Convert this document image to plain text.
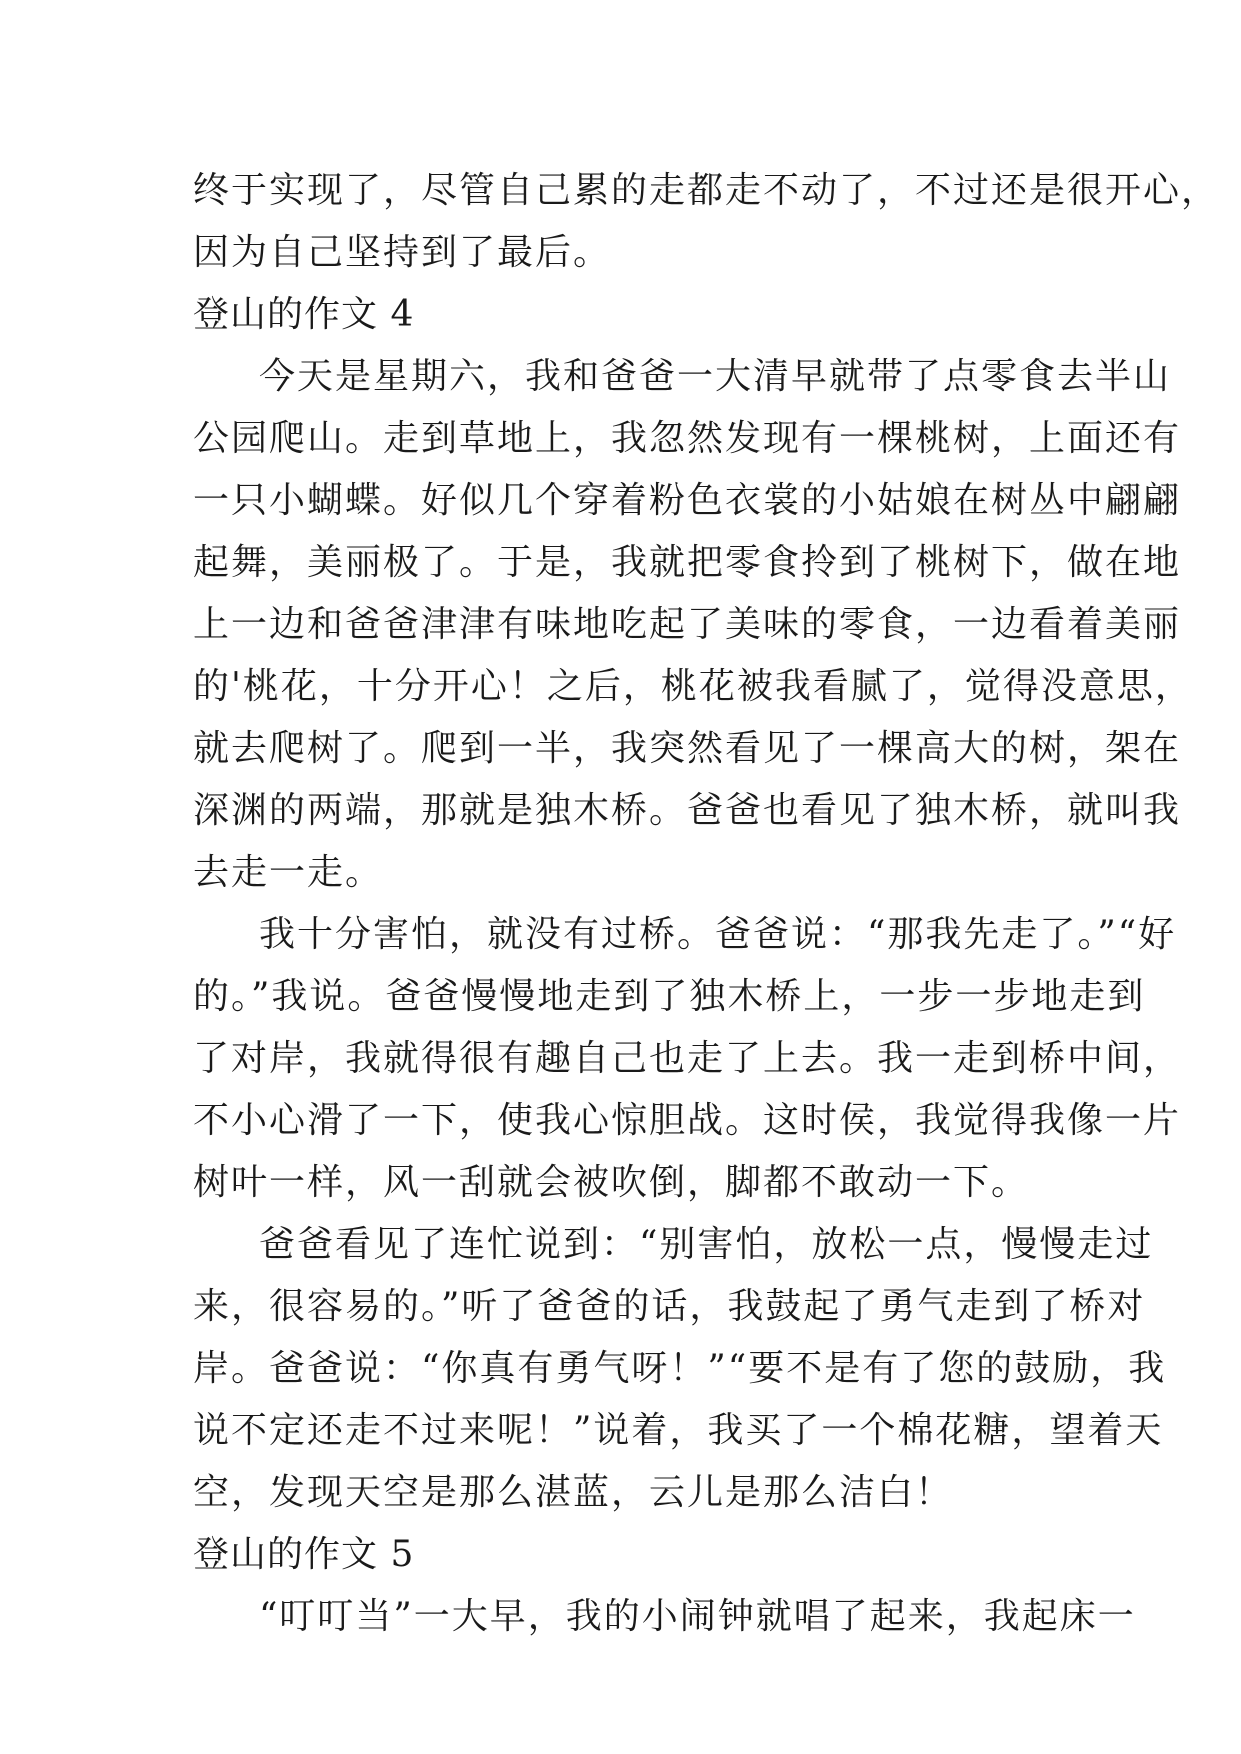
终于实现了，尽管自己累的走都走不动了，不过还是很开心，
因为自己坚持到了最后。
登山的作文 4
今天是星期六，我和爸爸一大清早就带了点零食去半山
公园爬山。走到草地上，我忽然发现有一棵桃树，上面还有
一只小蝴蝶。好似几个穿着粉色衣裳的小姑娘在树丛中翩翩
起舞，美丽极了。于是，我就把零食拎到了桃树下，做在地
上一边和爸爸津津有味地吃起了美味的零食，一边看着美丽
的'桃花，十分开心！之后，桃花被我看腻了，觉得没意思，
就去爬树了。爬到一半，我突然看见了一棵高大的树，架在
深渊的两端，那就是独木桥。爸爸也看见了独木桥，就叫我
去走一走。
我十分害怕，就没有过桥。爸爸说：“那我先走了。”“好
的。”我说。爸爸慢慢地走到了独木桥上，一步一步地走到
了对岸，我就得很有趣自己也走了上去。我一走到桥中间，
不小心滑了一下，使我心惊胆战。这时侯，我觉得我像一片
树叶一样，风一刮就会被吹倒，脚都不敢动一下。
爸爸看见了连忙说到：“别害怕，放松一点，慢慢走过
来，很容易的。”听了爸爸的话，我鼓起了勇气走到了桥对
岸。爸爸说：“你真有勇气呀！”“要不是有了您的鼓励，我
说不定还走不过来呢！”说着，我买了一个棉花糖，望着天
空，发现天空是那么湛蓝，云儿是那么洁白！
登山的作文 5
“叮叮当”一大早，我的小闹钟就唱了起来，我起床一
